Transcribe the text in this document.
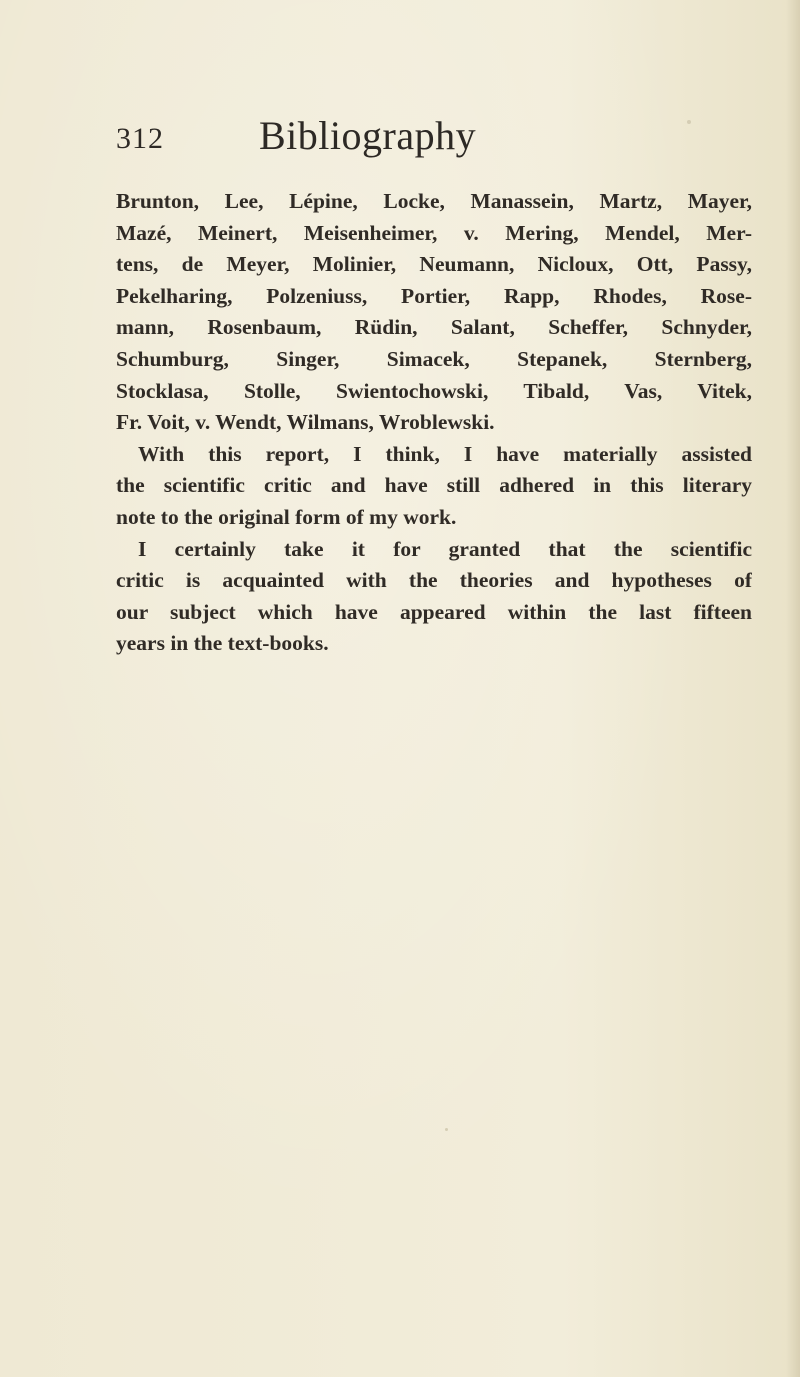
312 Bibliography
Brunton, Lee, Lépine, Locke, Manassein, Martz, Mayer,
Mazé, Meinert, Meisenheimer, v. Mering, Mendel, Mer-
tens, de Meyer, Molinier, Neumann, Nicloux, Ott, Passy,
Pekelharing, Polzeniuss, Portier, Rapp, Rhodes, Rose-
mann, Rosenbaum, Rüdin, Salant, Scheffer, Schnyder,
Schumburg, Singer, Simacek, Stepanek, Sternberg,
Stocklasa, Stolle, Swientochowski, Tibald, Vas, Vitek,
Fr. Voit, v. Wendt, Wilmans, Wroblewski.
With this report, I think, I have materially assisted
the scientific critic and have still adhered in this literary
note to the original form of my work.
I certainly take it for granted that the scientific
critic is acquainted with the theories and hypotheses of
our subject which have appeared within the last fifteen
years in the text-books.
